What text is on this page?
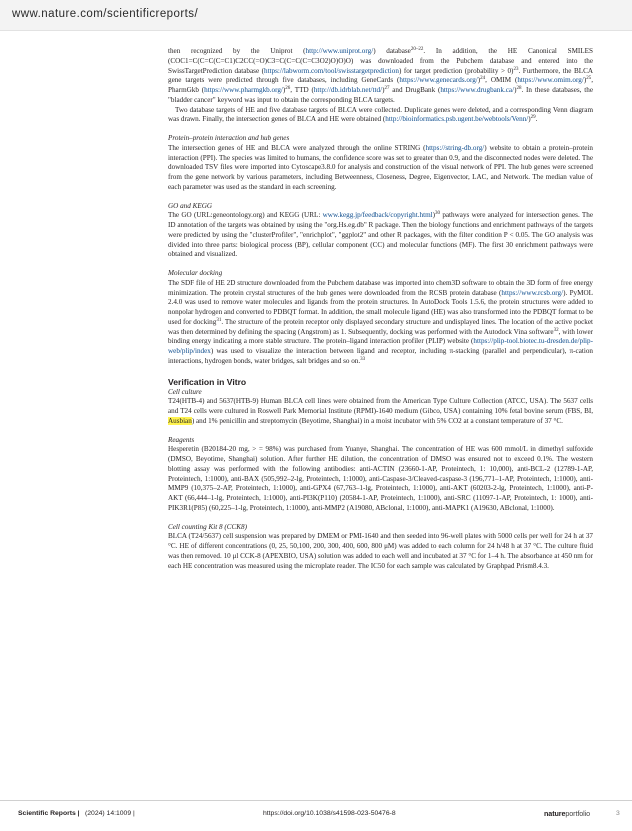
www.nature.com/scientificreports/

then recognized by the Uniprot (http://www.uniprot.org/) database$^{20-22}$. In addition, the HE Canonical SMILES (COC1=C(C=C(C=C1)C2CC(=O)C3=C(C=C(C=C3O2)O)O)O) was downloaded from the Pubchem database and entered into the SwissTargetPrediction database (https://labworm.com/tool/swisstargetprediction) for target prediction (probability > 0)$^{23}$. Furthermore, the BLCA gene targets were predicted through five databases, including GeneCards (https://www.genecards.org/)$^{24}$, OMIM (https://www.omim.org/)$^{25}$, PharmGkb (https://www.pharmgkb.org/)$^{26}$, TTD (http://db.idrblab.net/ttd/)$^{27}$ and DrugBank (https://www.drugbank.ca/)$^{28}$. In these databases, the "bladder cancer" keyword was input to obtain the corresponding BLCA targets.

Two database targets of HE and five database targets of BLCA were collected. Duplicate genes were deleted, and a corresponding Venn diagram was drawn. Finally, the intersection genes of BLCA and HE were obtained (http://bioinformatics.psb.ugent.be/webtools/Venn/)$^{29}$.

Protein–protein interaction and hub genes

The intersection genes of HE and BLCA were analyzed through the online STRING (https://string-db.org/) website to obtain a protein–protein interaction (PPI). The species was limited to humans, the confidence score was set to greater than 0.9, and the disconnected nodes were deleted. The downloaded TSV files were imported into Cytoscape3.8.0 for analysis and construction of the visual network of PPI. The hub genes were screened from the gene network by various parameters, including Betweenness, Closeness, Degree, Eigenvector, LAC, and Network. The median value of each parameter was used as the standard in each screening.

GO and KEGG

The GO (URL:geneontology.org) and KEGG (URL: www.kegg.jp/feedback/copyright.html)$^{30}$ pathways were analyzed for intersection genes. The ID annotation of the targets was obtained by using the "org.Hs.eg.db" R package. Then the biology functions and enrichment pathways of the targets were predicted by using the "clusterProfiler", "enrichplot", "ggplot2" and other R packages, with the filter condition P < 0.05. The GO analysis was divided into three parts: biological process (BP), cellular component (CC) and molecular functions (MF). The first 30 enrichment pathways were obtained and visualized.

Molecular docking

The SDF file of HE 2D structure downloaded from the Pubchem database was imported into chem3D software to obtain the 3D form of free energy minimization. The protein crystal structures of the hub genes were downloaded from the RCSB protein database (https://www.rcsb.org/). PyMOL 2.4.0 was used to remove water molecules and ligands from the protein structures. In AutoDock Tools 1.5.6, the protein structures were added to nonpolar hydrogen and converted to PDBQT format. In addition, the small molecule ligand (HE) was also transformed into the PDBQT format to be used for docking$^{31}$. The structure of the protein receptor only displayed secondary structure and undisplayed lines. The location of the active pocket was then determined by defining the spacing (Angstrom) as 1. Subsequently, docking was performed with the Autodock Vina software$^{32}$, with lower binding energy indicating a more stable structure. The protein–ligand interaction profiler (PLIP) website (https://plip-tool.biotec.tu-dresden.de/plip-web/plip/index) was used to visualize the interaction between ligand and receptor, including π-stacking (parallel and perpendicular), π-cation interactions, hydrogen bonds, water bridges, salt bridges and so on.$^{33}$

Verification in Vitro

Cell culture

T24(HTB-4) and 5637(HTB-9) Human BLCA cell lines were obtained from the American Type Culture Collection (ATCC, USA). The 5637 cells and T24 cells were cultured in Roswell Park Memorial Institute (RPMI)-1640 medium (Gibco, USA) containing 10% fetal bovine serum (FBS, BI, Ausbian) and 1% penicillin and streptomycin (Beyotime, Shanghai) in a moist incubator with 5% CO2 at a constant temperature of 37 °C.

Reagents

Hesperetin (B20184-20 mg, > = 98%) was purchased from Yuanye, Shanghai. The concentration of HE was 600 mmol/L in dimethyl sulfoxide (DMSO, Beyotime, Shanghai) solution. After further HE dilution, the concentration of DMSO was ensured not to exceed 0.1%. The western blotting assay was performed with the following antibodies: anti-ACTIN (23660-1-AP, Proteintech, 1: 10,000), anti-BCL-2 (12789-1-AP, Proteintech, 1:1000), anti-BAX (505,992–2-lg, Proteintech, 1:1000), anti-Caspase-3/Cleaved-caspase-3 (196,771–1-AP, Proteintech, 1:1000), anti-MMP9 (10,375–2-AP, Proteintech, 1:1000), anti-GPX4 (67,763–1-lg, Proteintech, 1:1000), anti-AKT (60203-2-lg, Proteintech, 1:1000), anti-P-AKT (66,444–1-lg, Proteintech, 1:1000), anti-PI3K(P110) (20584-1-AP, Proteintech, 1:1000), anti-SRC (11097-1-AP, Proteintech, 1: 1000), anti-PIK3R1(P85) (60,225–1-lg, Proteintech, 1:1000), anti-MMP2 (A19080, ABclonal, 1:1000), anti-MAPK1 (A19630, ABclonal, 1:1000).

Cell counting Kit 8 (CCK8)

BLCA (T24/5637) cell suspension was prepared by DMEM or PMI-1640 and then seeded into 96-well plates with 5000 cells per well for 24 h at 37 °C. HE of different concentrations (0, 25, 50,100, 200, 300, 400, 600, 800 μM) was added to each column for 24 h/48 h at 37 °C. The culture fluid was then removed. 10 μl CCK-8 (APEXBIO, USA) solution was added to each well and incubated at 37 °C for 1–4 h. The absorbance at 450 nm for each HE concentration was measured using the microplate reader. The IC50 for each sample was calculated by Graphpad Prism8.4.3.

Scientific Reports | (2024) 14:1009 |	https://doi.org/10.1038/s41598-023-50476-8	natureportfolio	3
